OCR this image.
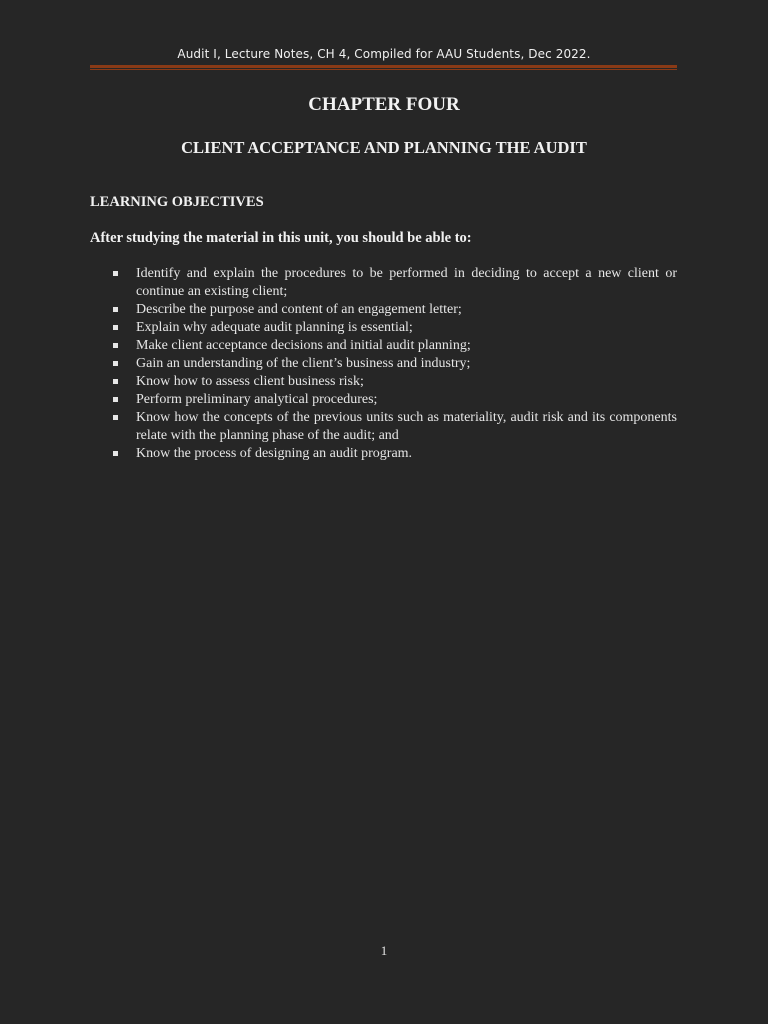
Audit I, Lecture Notes, CH 4, Compiled for AAU Students, Dec 2022.
CHAPTER FOUR
CLIENT ACCEPTANCE AND PLANNING THE AUDIT
LEARNING OBJECTIVES
After studying the material in this unit, you should be able to:
Identify and explain the procedures to be performed in deciding to accept a new client or continue an existing client;
Describe the purpose and content of an engagement letter;
Explain why adequate audit planning is essential;
Make client acceptance decisions and initial audit planning;
Gain an understanding of the client’s business and industry;
Know how to assess client business risk;
Perform preliminary analytical procedures;
Know how the concepts of the previous units such as materiality, audit risk and its components relate with the planning phase of the audit; and
Know the process of designing an audit program.
1
